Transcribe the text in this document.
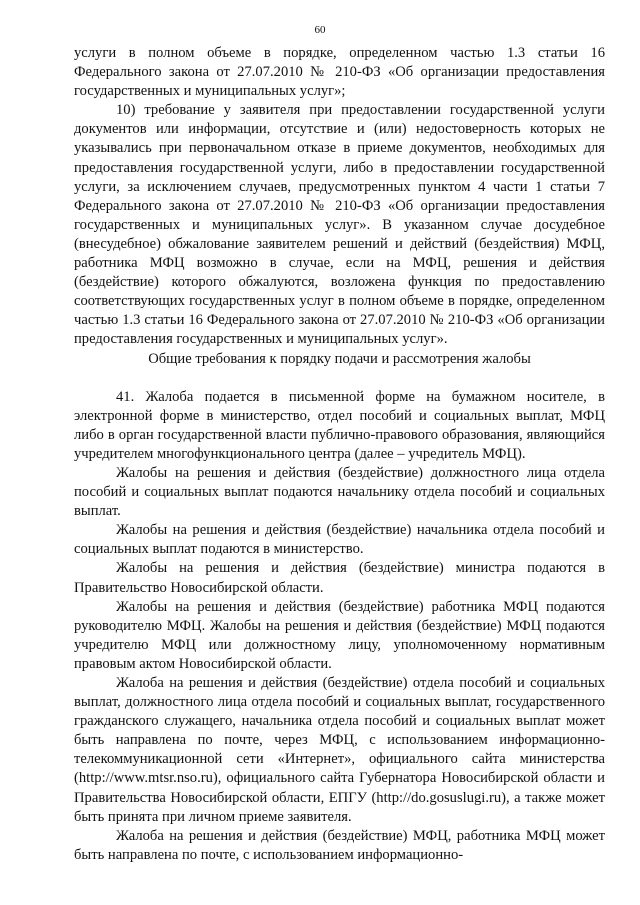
60

услуги в полном объеме в порядке, определенном частью 1.3 статьи 16 Федерального закона от 27.07.2010 № 210-ФЗ «Об организации предоставления государственных и муниципальных услуг»;

10) требование у заявителя при предоставлении государственной услуги документов или информации, отсутствие и (или) недостоверность которых не указывались при первоначальном отказе в приеме документов, необходимых для предоставления государственной услуги, либо в предоставлении государственной услуги, за исключением случаев, предусмотренных пунктом 4 части 1 статьи 7 Федерального закона от 27.07.2010 № 210-ФЗ «Об организации предоставления государственных и муниципальных услуг». В указанном случае досудебное (внесудебное) обжалование заявителем решений и действий (бездействия) МФЦ, работника МФЦ возможно в случае, если на МФЦ, решения и действия (бездействие) которого обжалуются, возложена функция по предоставлению соответствующих государственных услуг в полном объеме в порядке, определенном частью 1.3 статьи 16 Федерального закона от 27.07.2010 № 210-ФЗ «Об организации предоставления государственных и муниципальных услуг».

Общие требования к порядку подачи и рассмотрения жалобы

41. Жалоба подается в письменной форме на бумажном носителе, в электронной форме в министерство, отдел пособий и социальных выплат, МФЦ либо в орган государственной власти публично-правового образования, являющийся учредителем многофункционального центра (далее – учредитель МФЦ).

Жалобы на решения и действия (бездействие) должностного лица отдела пособий и социальных выплат подаются начальнику отдела пособий и социальных выплат.

Жалобы на решения и действия (бездействие) начальника отдела пособий и социальных выплат подаются в министерство.

Жалобы на решения и действия (бездействие) министра подаются в Правительство Новосибирской области.

Жалобы на решения и действия (бездействие) работника МФЦ подаются руководителю МФЦ. Жалобы на решения и действия (бездействие) МФЦ подаются учредителю МФЦ или должностному лицу, уполномоченному нормативным правовым актом Новосибирской области.

Жалоба на решения и действия (бездействие) отдела пособий и социальных выплат, должностного лица отдела пособий и социальных выплат, государственного гражданского служащего, начальника отдела пособий и социальных выплат может быть направлена по почте, через МФЦ, с использованием информационно-телекоммуникационной сети «Интернет», официального сайта министерства (http://www.mtsr.nso.ru), официального сайта Губернатора Новосибирской области и Правительства Новосибирской области, ЕПГУ (http://do.gosuslugi.ru), а также может быть принята при личном приеме заявителя.

Жалоба на решения и действия (бездействие) МФЦ, работника МФЦ может быть направлена по почте, с использованием информационно-
